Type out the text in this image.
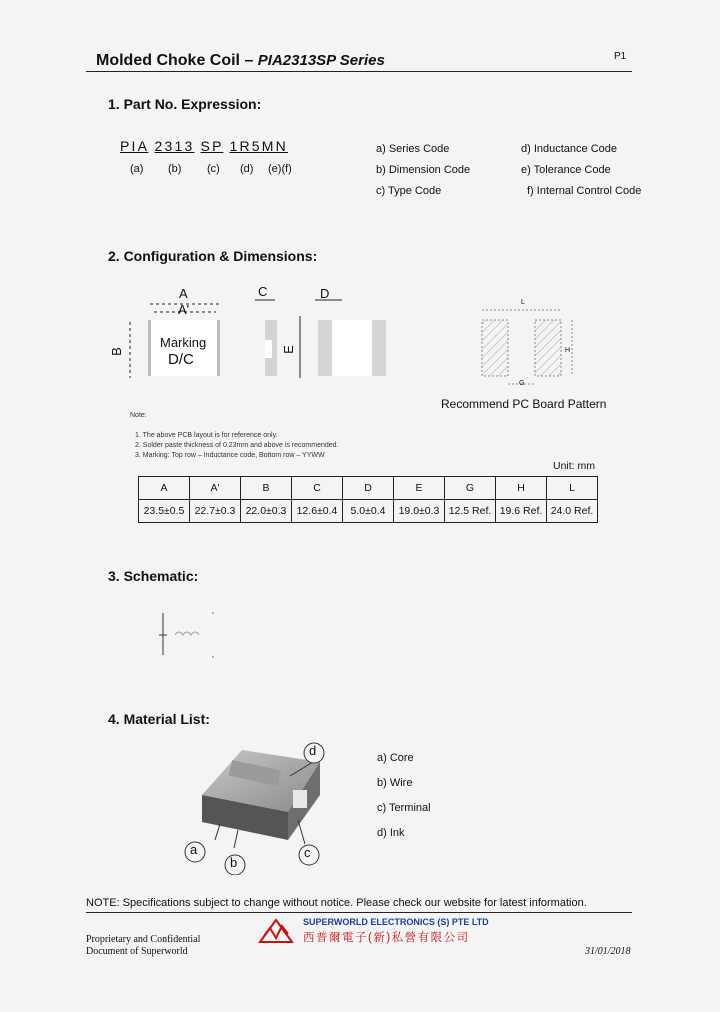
Molded Choke Coil – PIA2313SP Series	P1
1. Part No. Expression:
PIA 2313 SP 1R5MN
(a) (b) (c) (d) (e)(f)
a) Series Code
b) Dimension Code
c) Type Code
d) Inductance Code
e) Tolerance Code
f) Internal Control Code
2. Configuration & Dimensions:
A
A'
B
C	D
E
Marking
D/C
L
H
G
Recommend PC Board Pattern
Note:
1. The above PCB layout is for reference only.
2. Solder paste thickness of 0.23mm and above is recommended.
3. Marking: Top row – Inductance code, Bottom row – YYWW
Unit: mm
A	A'	B	C	D	E	G	H	L
23.5±0.5	22.7±0.3	22.0±0.3	12.6±0.4	5.0±0.4	19.0±0.3	12.5 Ref.	19.6 Ref.	24.0 Ref.
3. Schematic:
4. Material List:
a
b
c
d	a) Core
b) Wire
c) Terminal
d) Ink
NOTE: Specifications subject to change without notice. Please check our website for latest information.
SUPERWORLD ELECTRONICS (S) PTE LTD
西普爾電子(新)私營有限公司
Proprietary and Confidential
Document of Superworld	31/01/2018
